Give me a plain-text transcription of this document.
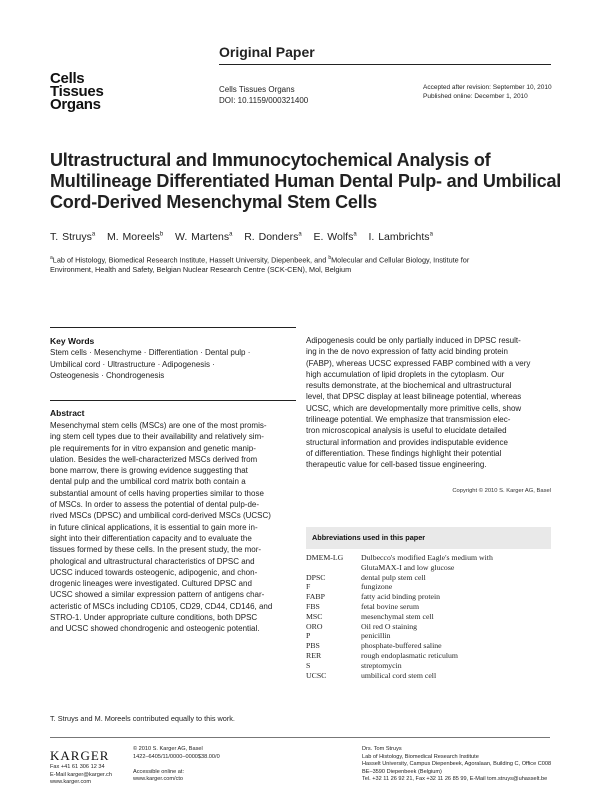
Original Paper
Cells
Tissues
Organs
Cells Tissues Organs
DOI: 10.1159/000321400
Accepted after revision: September 10, 2010
Published online: December 1, 2010
Ultrastructural and Immunocytochemical Analysis of Multilineage Differentiated Human Dental Pulp- and Umbilical Cord-Derived Mesenchymal Stem Cells
T. Struys$^a$ M. Moreels$^b$ W. Martens$^a$ R. Donders$^a$ E. Wolfs$^a$ I. Lambrichts$^a$
$^a$Lab of Histology, Biomedical Research Institute, Hasselt University, Diepenbeek, and $^b$Molecular and Cellular Biology, Institute for Environment, Health and Safety, Belgian Nuclear Research Centre (SCK-CEN), Mol, Belgium
Key Words
Stem cells · Mesenchyme · Differentiation · Dental pulp ·
Umbilical cord · Ultrastructure · Adipogenesis ·
Osteogenesis · Chondrogenesis
Abstract
Mesenchymal stem cells (MSCs) are one of the most promis-
ing stem cell types due to their availability and relatively sim-
ple requirements for in vitro expansion and genetic manip-
ulation. Besides the well-characterized MSCs derived from
bone marrow, there is growing evidence suggesting that
dental pulp and the umbilical cord matrix both contain a
substantial amount of cells having properties similar to those
of MSCs. In order to assess the potential of dental pulp-de-
rived MSCs (DPSC) and umbilical cord-derived MSCs (UCSC)
in future clinical applications, it is essential to gain more in-
sight into their differentiation capacity and to evaluate the
tissues formed by these cells. In the present study, the mor-
phological and ultrastructural characteristics of DPSC and
UCSC induced towards osteogenic, adipogenic, and chon-
drogenic lineages were investigated. Cultured DPSC and
UCSC showed a similar expression pattern of antigens char-
acteristic of MSCs including CD105, CD29, CD44, CD146, and
STRO-1. Under appropriate culture conditions, both DPSC
and UCSC showed chondrogenic and osteogenic potential.
Adipogenesis could be only partially induced in DPSC result-
ing in the de novo expression of fatty acid binding protein
(FABP), whereas UCSC expressed FABP combined with a very
high accumulation of lipid droplets in the cytoplasm. Our
results demonstrate, at the biochemical and ultrastructural
level, that DPSC display at least bilineage potential, whereas
UCSC, which are developmentally more primitive cells, show
trilineage potential. We emphasize that transmission elec-
tron microscopical analysis is useful to elucidate detailed
structural information and provides indisputable evidence
of differentiation. These findings highlight their potential
therapeutic value for cell-based tissue engineering.
Copyright © 2010 S. Karger AG, Basel
Abbreviations used in this paper
DMEM-LG	Dulbecco's modified Eagle's medium with
GlutaMAX-I and low glucose
DPSC	dental pulp stem cell
F	fungizone
FABP	fatty acid binding protein
FBS	fetal bovine serum
MSC	mesenchymal stem cell
ORO	Oil red O staining
P	penicillin
PBS	phosphate-buffered saline
RER	rough endoplasmatic reticulum
S	streptomycin
UCSC	umbilical cord stem cell
T. Struys and M. Moreels contributed equally to this work.
KARGER
Fax +41 61 306 12 34
E-Mail karger@karger.ch
www.karger.com
© 2010 S. Karger AG, Basel
1422–6405/11/0000–0000$38.00/0
Accessible online at:
www.karger.com/cto
Drs. Tom Struys
Lab of Histology, Biomedical Research Institute
Hasselt University, Campus Diepenbeek, Agoralaan, Building C, Office C008
BE–3590 Diepenbeek (Belgium)
Tel. +32 11 26 92 21, Fax +32 11 26 85 99, E-Mail tom.struys@uhasselt.be
